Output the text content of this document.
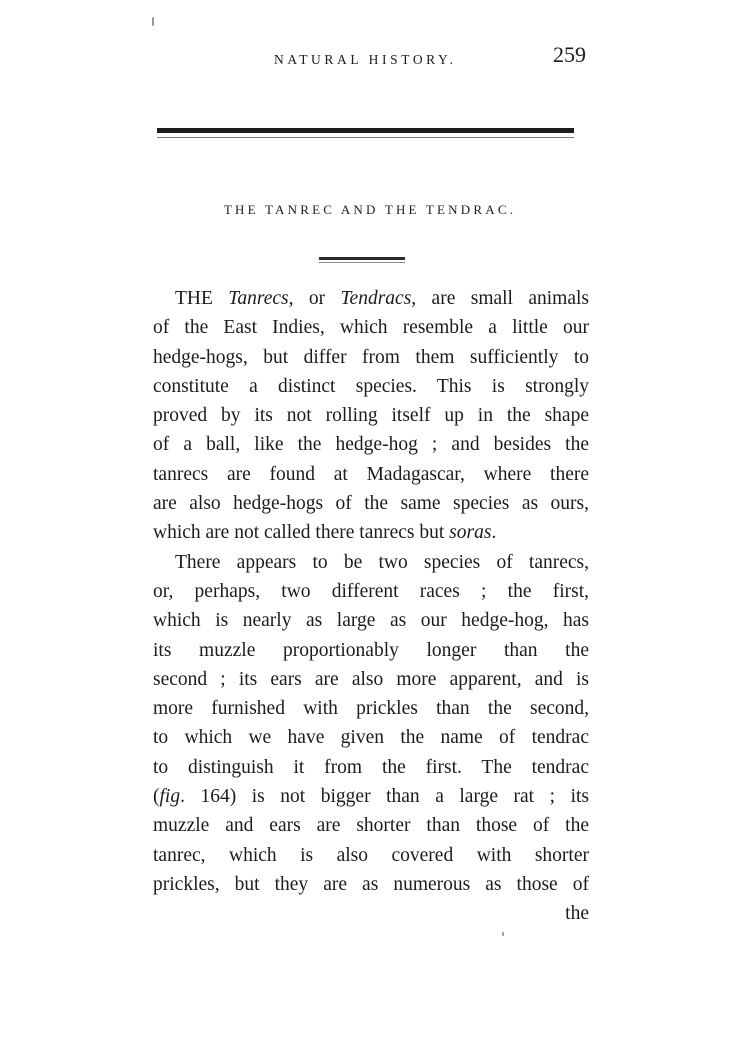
NATURAL HISTORY.	259
THE TANREC AND THE TENDRAC.
THE Tanrecs, or Tendracs, are small animals
of the East Indies, which resemble a little our
hedge-hogs, but differ from them sufficiently to
constitute a distinct species. This is strongly
proved by its not rolling itself up in the shape
of a ball, like the hedge-hog ; and besides the
tanrecs are found at Madagascar, where there
are also hedge-hogs of the same species as ours,
which are not called there tanrecs but soras.
There appears to be two species of tanrecs,
or, perhaps, two different races ; the first,
which is nearly as large as our hedge-hog, has
its muzzle proportionably longer than the
second ; its ears are also more apparent, and is
more furnished with prickles than the second,
to which we have given the name of tendrac
to distinguish it from the first. The tendrac
(fig. 164) is not bigger than a large rat ; its
muzzle and ears are shorter than those of the
tanrec, which is also covered with shorter
prickles, but they are as numerous as those of
the
